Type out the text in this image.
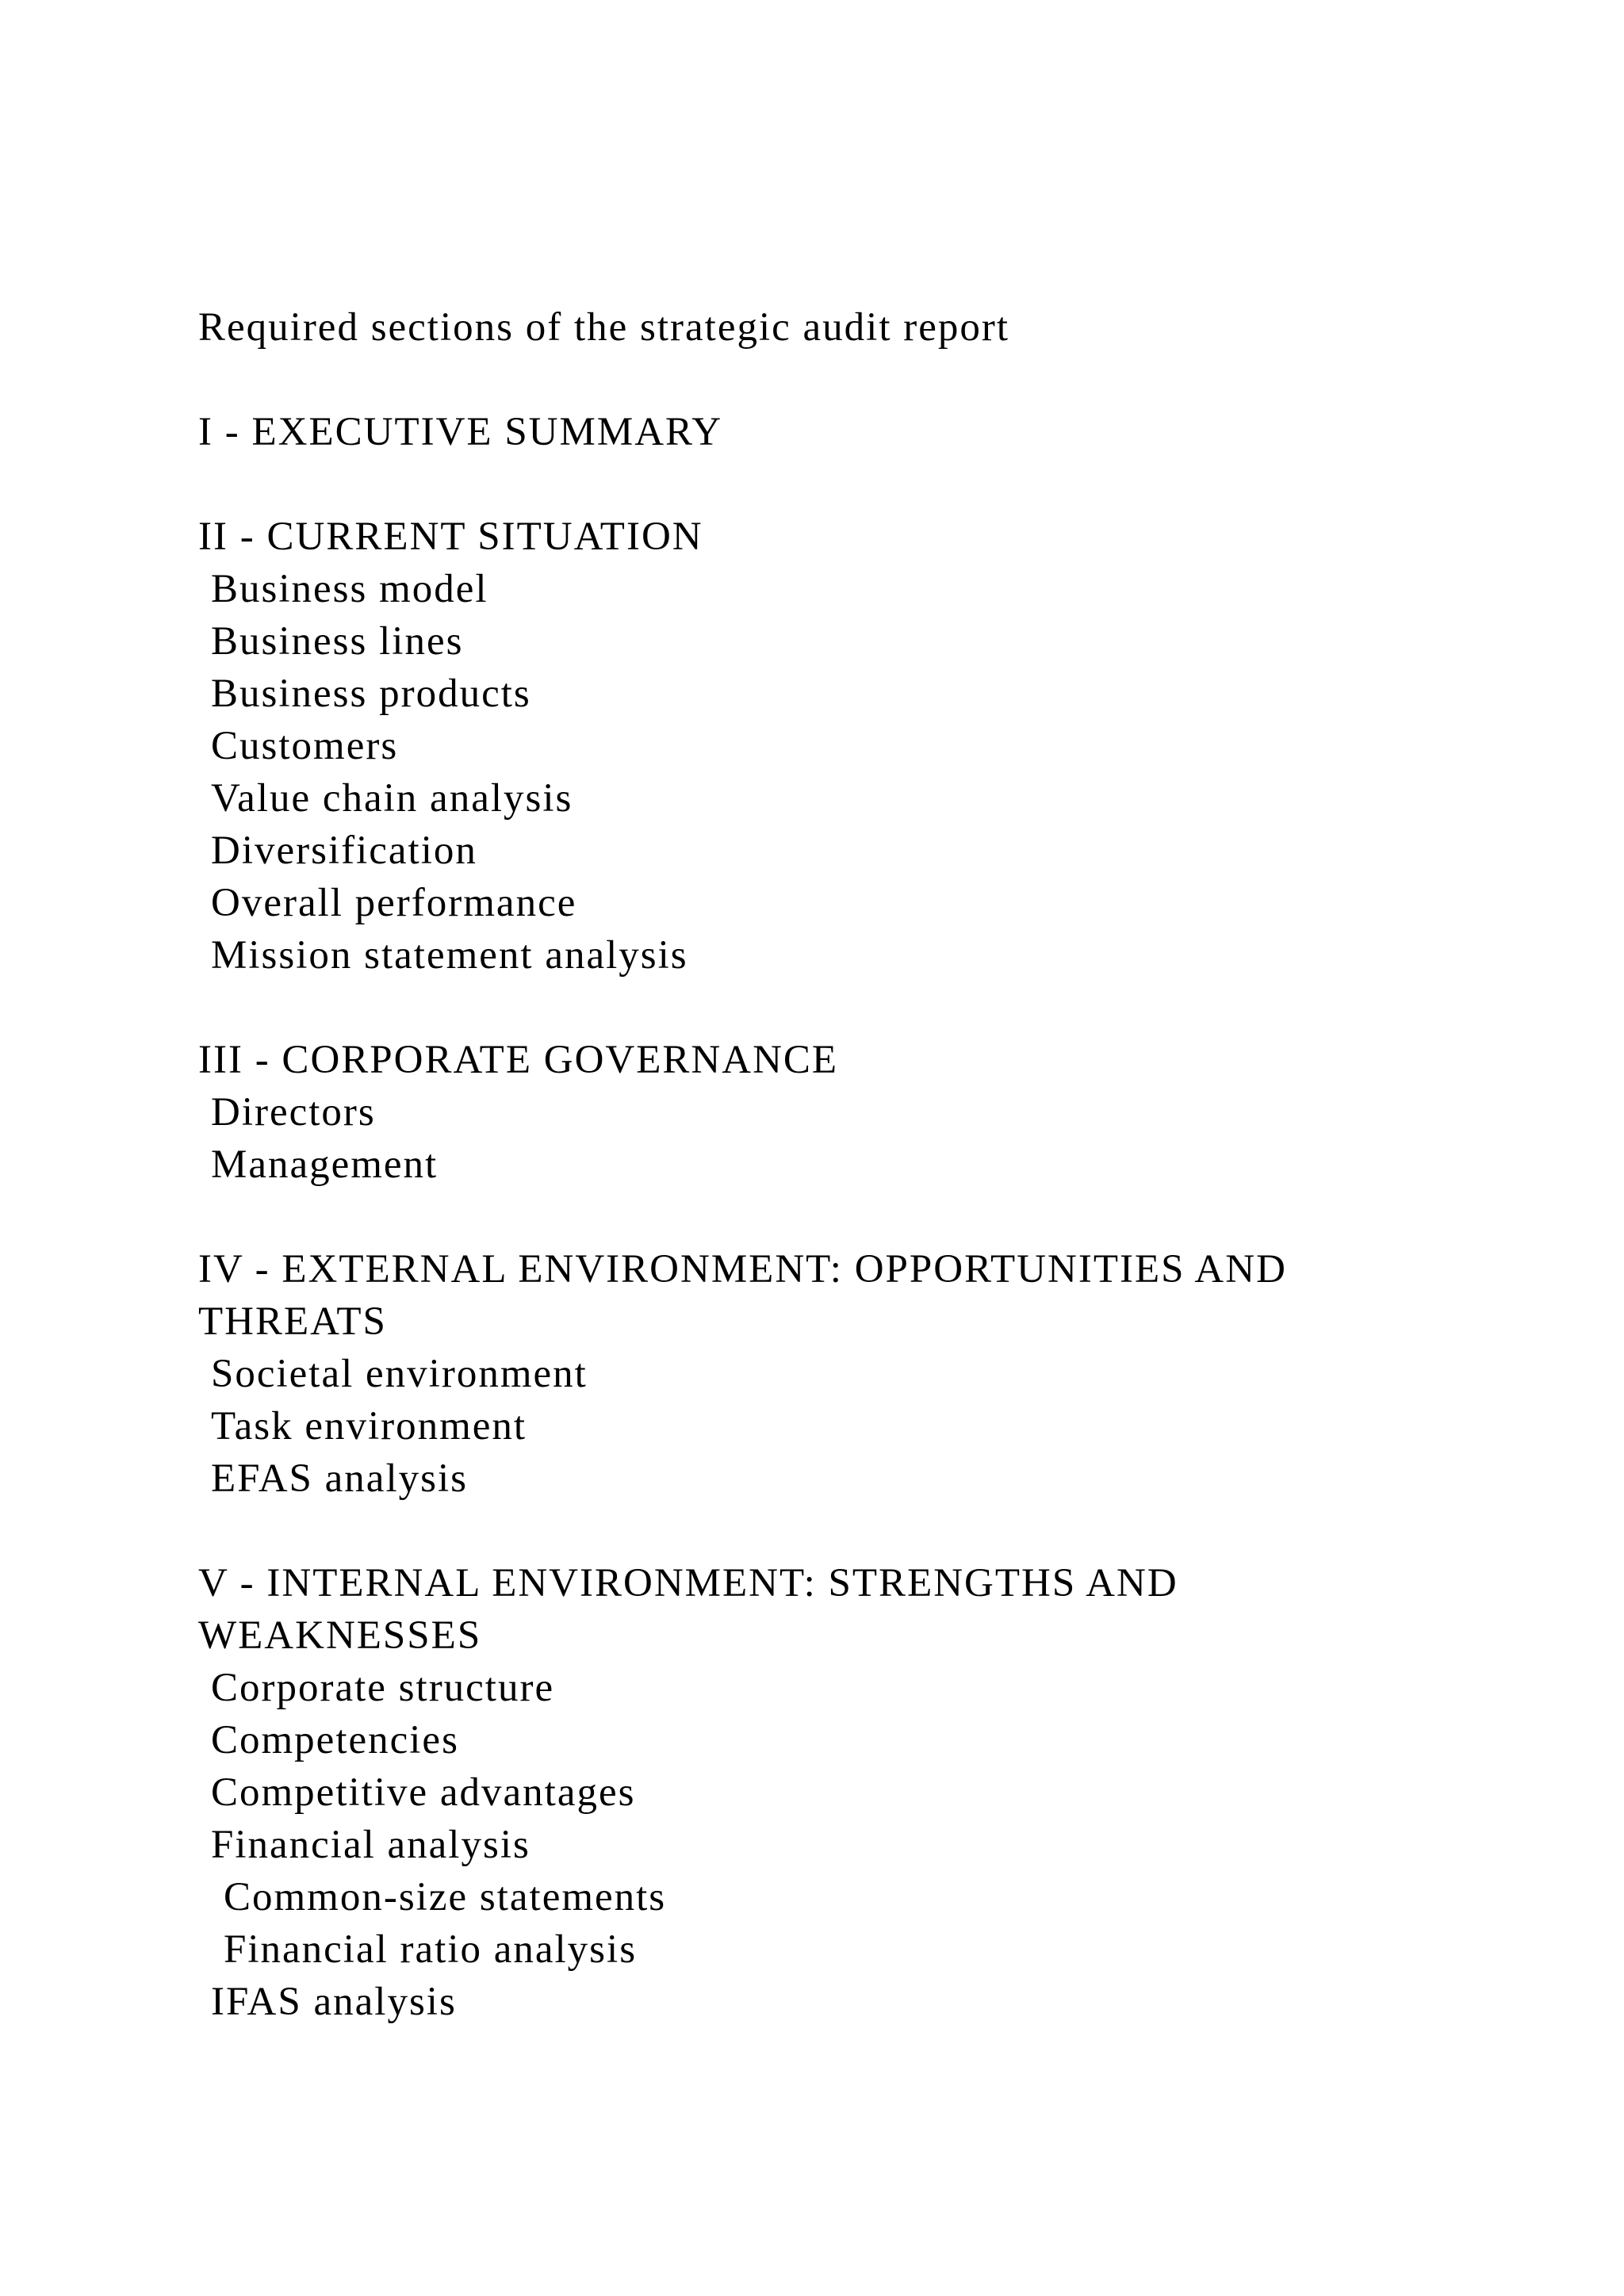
Required sections of the strategic audit report
I - EXECUTIVE SUMMARY
II - CURRENT SITUATION
Business model
Business lines
Business products
Customers
Value chain analysis
Diversification
Overall performance
Mission statement analysis
III - CORPORATE GOVERNANCE
Directors
Management
IV - EXTERNAL ENVIRONMENT: OPPORTUNITIES AND
THREATS
Societal environment
Task environment
EFAS analysis
V - INTERNAL ENVIRONMENT: STRENGTHS AND
WEAKNESSES
Corporate structure
Competencies
Competitive advantages
Financial analysis
Common-size statements
Financial ratio analysis
IFAS analysis
